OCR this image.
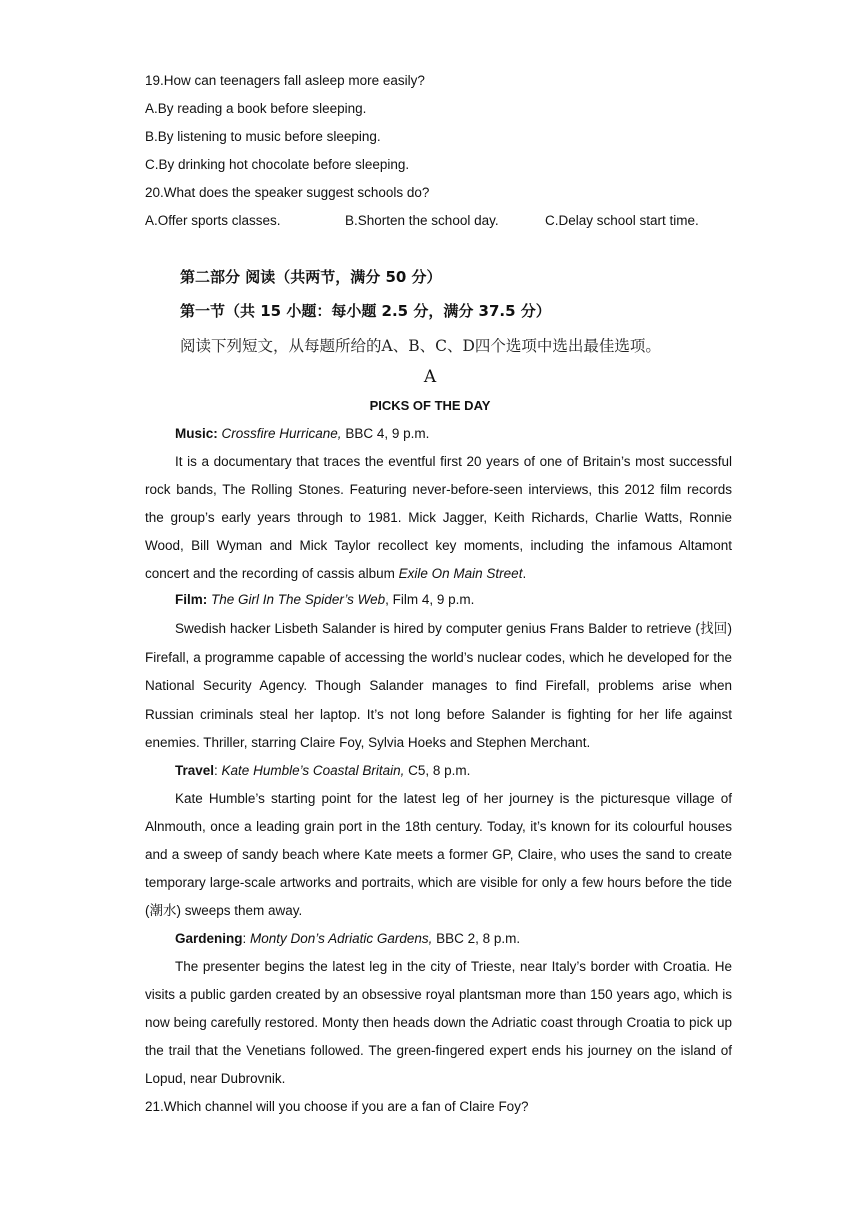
19.How can teenagers fall asleep more easily?
A.By reading a book before sleeping.
B.By listening to music before sleeping.
C.By drinking hot chocolate before sleeping.
20.What does the speaker suggest schools do?
A.Offer sports classes.	B.Shorten the school day.	C.Delay school start time.
第二部分 阅读（共两节，满分 50 分）
第一节（共 15 小题：每小题 2.5 分，满分 37.5 分）
阅读下列短文，从每题所给的A、B、C、D四个选项中选出最佳选项。
A
PICKS OF THE DAY
Music: Crossfire Hurricane, BBC 4, 9 p.m.
It is a documentary that traces the eventful first 20 years of one of Britain’s most successful rock bands, The Rolling Stones. Featuring never-before-seen interviews, this 2012 film records the group’s early years through to 1981. Mick Jagger, Keith Richards, Charlie Watts, Ronnie Wood, Bill Wyman and Mick Taylor recollect key moments, including the infamous Altamont concert and the recording of cassis album Exile On Main Street.
Film: The Girl In The Spider’s Web, Film 4, 9 p.m.
Swedish hacker Lisbeth Salander is hired by computer genius Frans Balder to retrieve (找回) Firefall, a programme capable of accessing the world’s nuclear codes, which he developed for the National Security Agency. Though Salander manages to find Firefall, problems arise when Russian criminals steal her laptop. It’s not long before Salander is fighting for her life against enemies. Thriller, starring Claire Foy, Sylvia Hoeks and Stephen Merchant.
Travel: Kate Humble’s Coastal Britain, C5, 8 p.m.
Kate Humble’s starting point for the latest leg of her journey is the picturesque village of Alnmouth, once a leading grain port in the 18th century. Today, it’s known for its colourful houses and a sweep of sandy beach where Kate meets a former GP, Claire, who uses the sand to create temporary large-scale artworks and portraits, which are visible for only a few hours before the tide (潮水) sweeps them away.
Gardening: Monty Don’s Adriatic Gardens, BBC 2, 8 p.m.
The presenter begins the latest leg in the city of Trieste, near Italy’s border with Croatia. He visits a public garden created by an obsessive royal plantsman more than 150 years ago, which is now being carefully restored. Monty then heads down the Adriatic coast through Croatia to pick up the trail that the Venetians followed. The green-fingered expert ends his journey on the island of Lopud, near Dubrovnik.
21.Which channel will you choose if you are a fan of Claire Foy?
